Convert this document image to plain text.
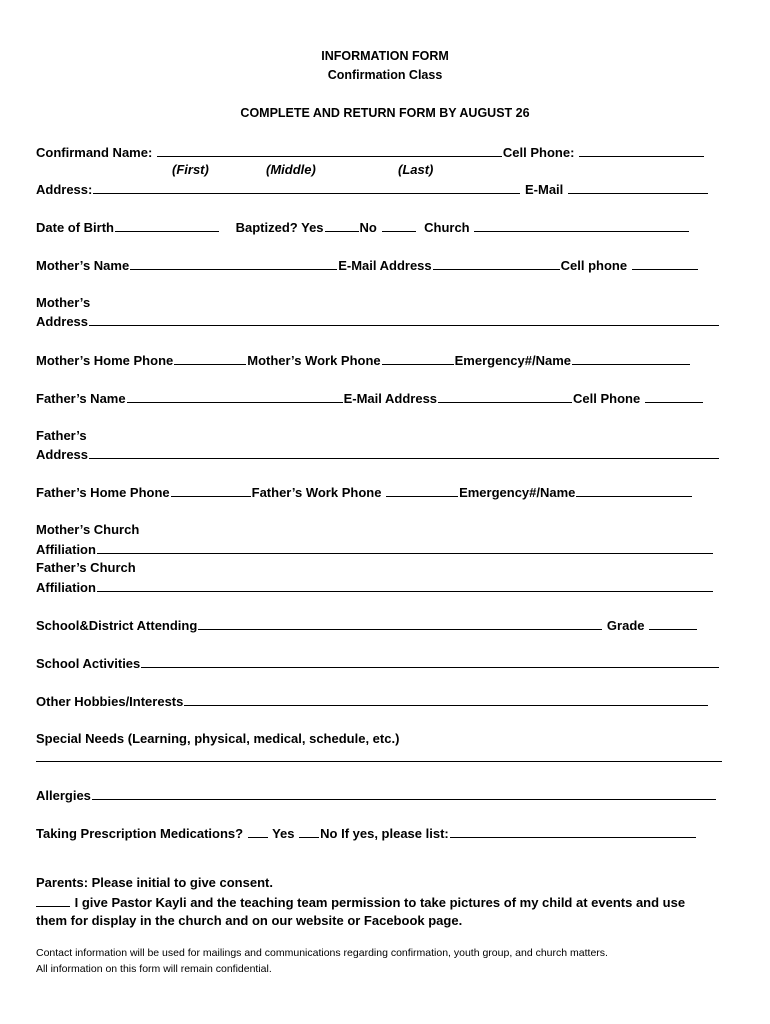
INFORMATION FORM
Confirmation Class
COMPLETE AND RETURN FORM BY AUGUST 26
Confirmand Name:	Cell Phone:
(First)	(Middle)	(Last)
Address:	E-Mail
Date of Birth	Baptized? Yes	No	Church
Mother’s Name	E-Mail Address	Cell phone
Mother’s
Address
Mother’s Home Phone	Mother’s Work Phone	Emergency#/Name
Father’s Name	E-Mail Address	Cell Phone
Father’s
Address
Father’s Home Phone	Father’s Work Phone	Emergency#/Name
Mother’s Church
Affiliation
Father’s Church
Affiliation
School&District Attending	Grade
School Activities
Other Hobbies/Interests
Special Needs (Learning, physical, medical, schedule, etc.)
Allergies
Taking Prescription Medications? Yes No If yes, please list:
Parents: Please initial to give consent.
I give Pastor Kayli and the teaching team permission to take pictures of my child at events and use
them for display in the church and on our website or Facebook page.
Contact information will be used for mailings and communications regarding confirmation, youth group, and church matters.
All information on this form will remain confidential.
